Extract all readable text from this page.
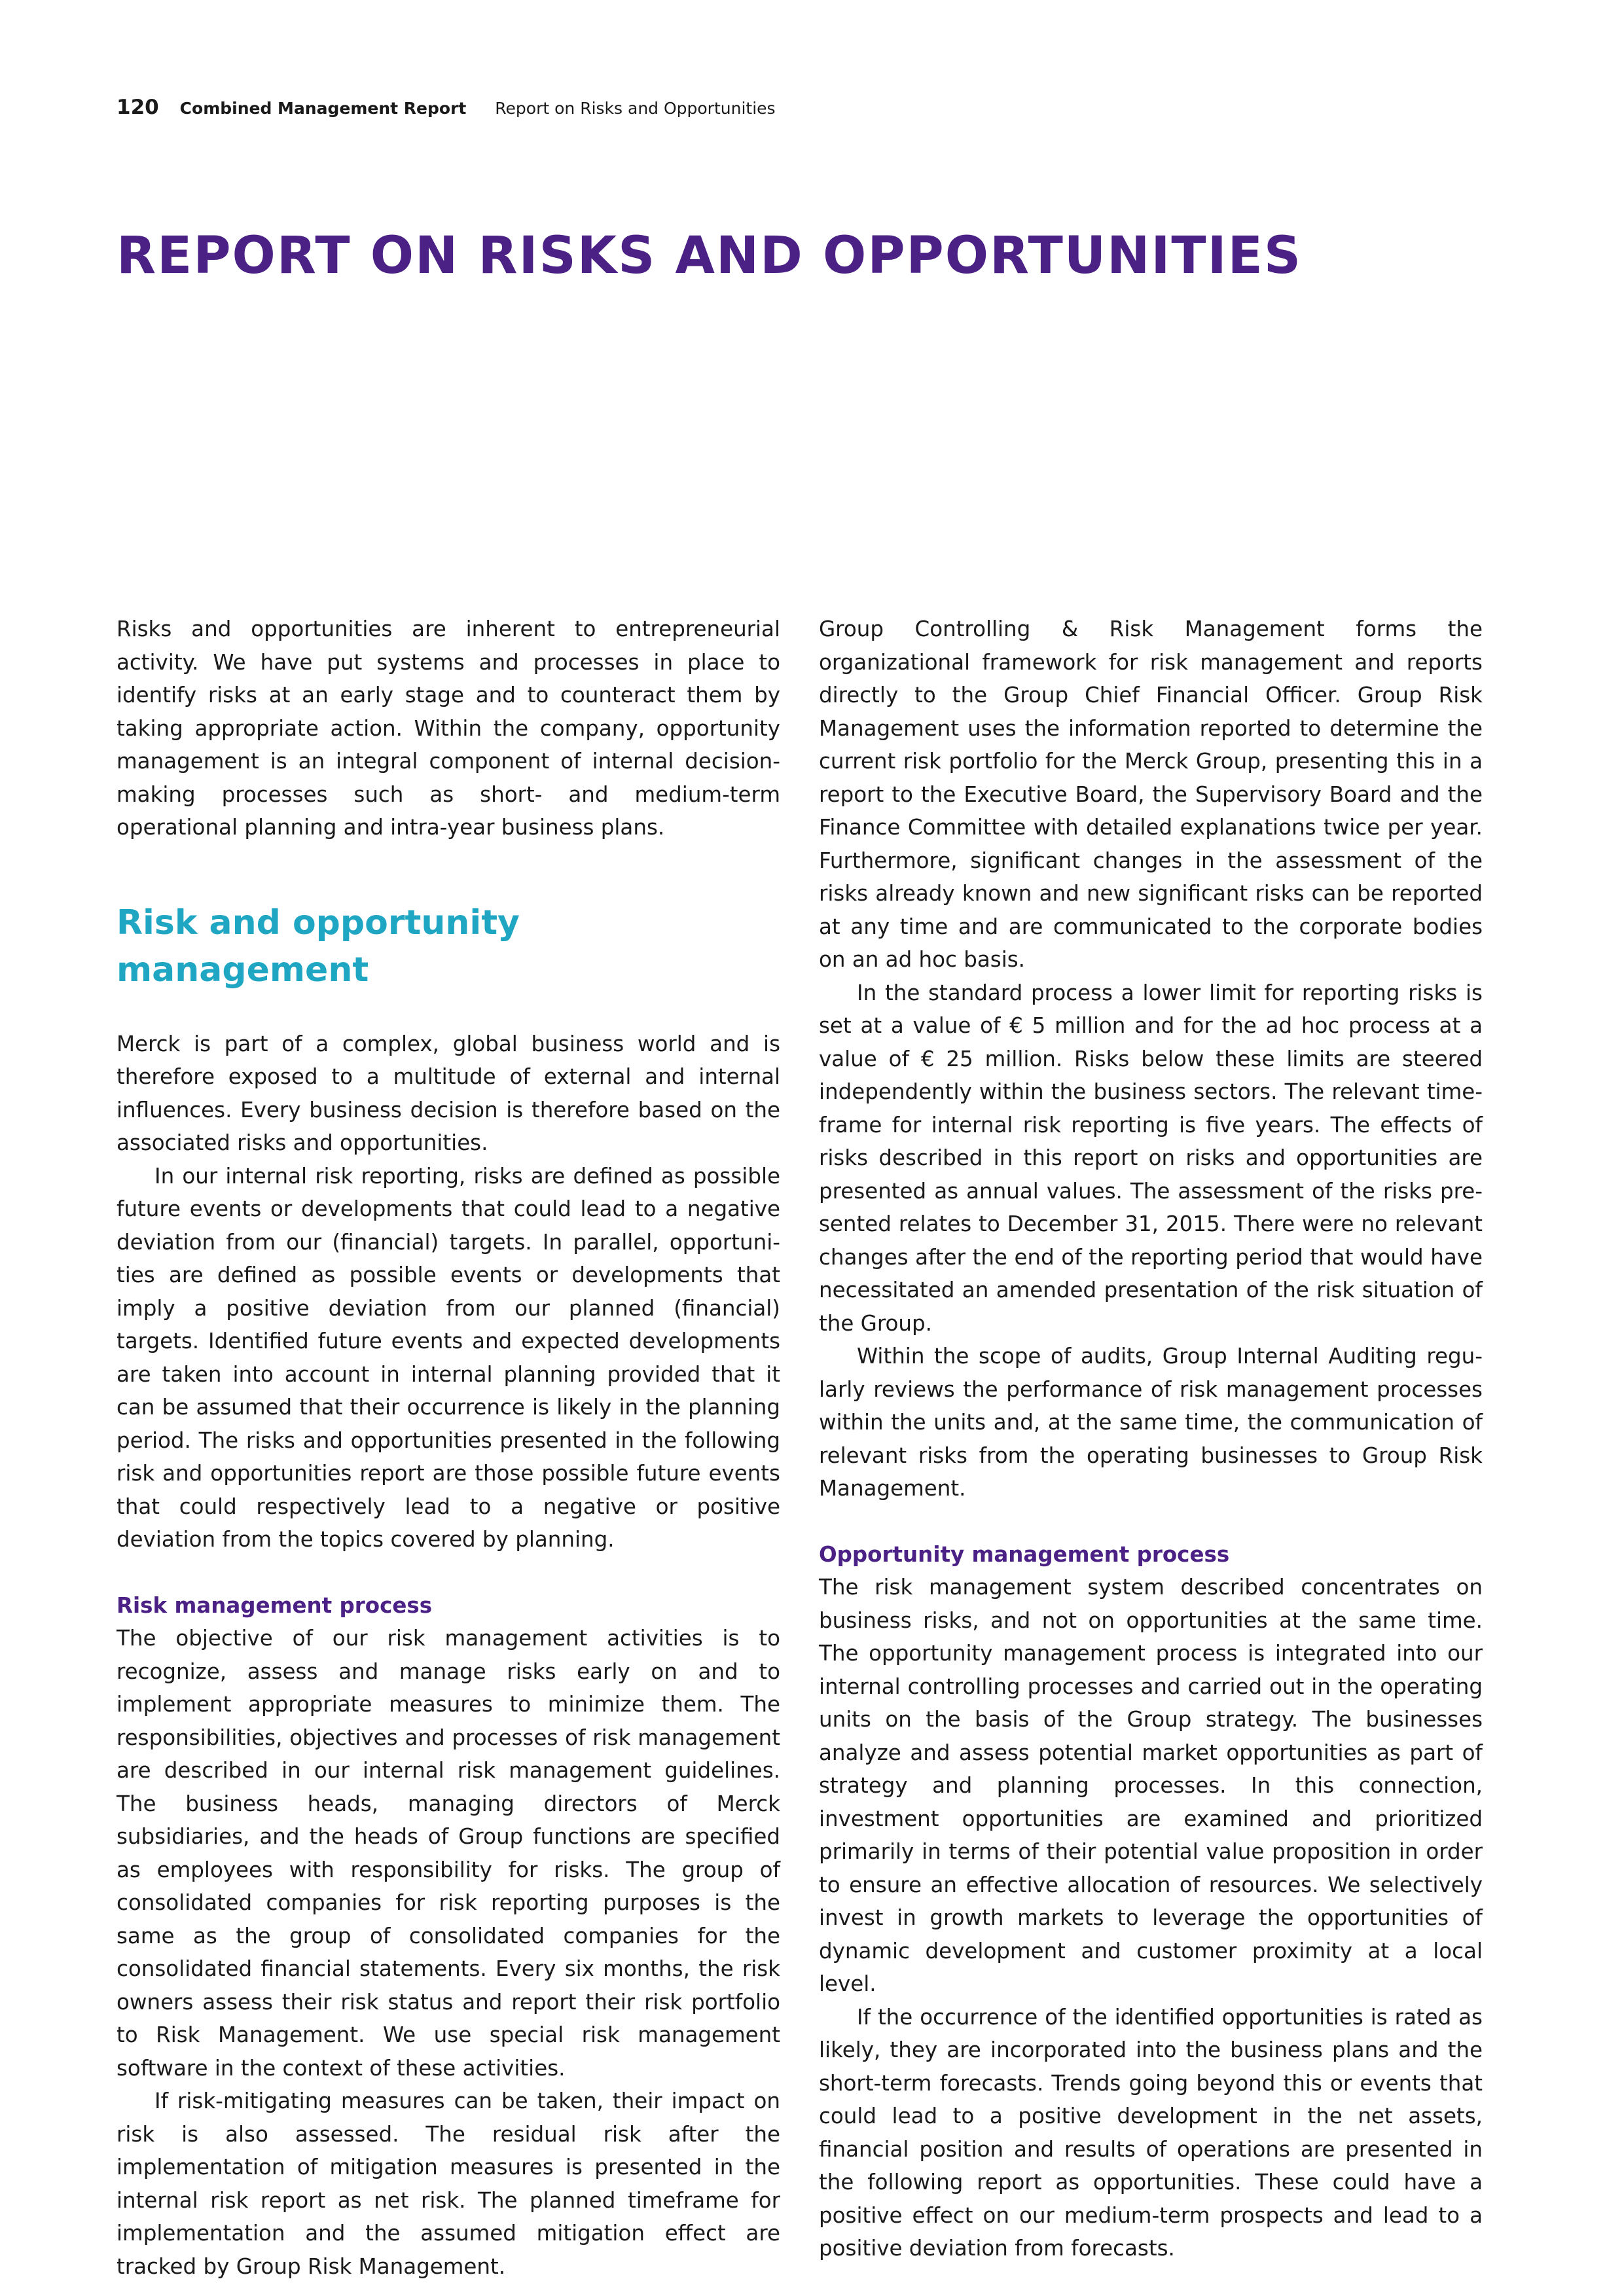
120 Combined Management Report Report on Risks and Opportunities
REPORT ON RISKS AND OPPORTUNITIES

Risks and opportunities are inherent to entrepreneurial activity. We have put systems and processes in place to identify risks at an early stage and to counteract them by taking appropriate action. Within the company, opportunity management is an integral component of internal decision-making processes such as short- and medium-term operational planning and intra-year business plans.

Risk and opportunity management

Merck is part of a complex, global business world and is therefore exposed to a multitude of external and internal influences. Every business decision is therefore based on the associated risks and opportunities.

In our internal risk reporting, risks are defined as possible future events or developments that could lead to a negative deviation from our (financial) targets. In parallel, opportunities are defined as possible events or developments that imply a positive deviation from our planned (financial) targets. Identified future events and expected developments are taken into account in internal planning provided that it can be assumed that their occurrence is likely in the planning period. The risks and opportunities presented in the following risk and opportunities report are those possible future events that could respectively lead to a negative or positive deviation from the topics covered by planning.

Risk management process

The objective of our risk management activities is to recognize, assess and manage risks early on and to implement appropriate measures to minimize them. The responsibilities, objectives and processes of risk management are described in our internal risk management guidelines. The business heads, managing directors of Merck subsidiaries, and the heads of Group functions are specified as employees with responsibility for risks. The group of consolidated companies for risk reporting purposes is the same as the group of consolidated companies for the consolidated financial statements. Every six months, the risk owners assess their risk status and report their risk portfolio to Risk Management. We use special risk management software in the context of these activities.

If risk-mitigating measures can be taken, their impact on risk is also assessed. The residual risk after the implementation of mitigation measures is presented in the internal risk report as net risk. The planned timeframe for implementation and the assumed mitigation effect are tracked by Group Risk Management.

Group Controlling & Risk Management forms the organizational framework for risk management and reports directly to the Group Chief Financial Officer. Group Risk Management uses the information reported to determine the current risk portfolio for the Merck Group, presenting this in a report to the Executive Board, the Supervisory Board and the Finance Committee with detailed explanations twice per year. Furthermore, significant changes in the assessment of the risks already known and new significant risks can be reported at any time and are communicated to the corporate bodies on an ad hoc basis.

In the standard process a lower limit for reporting risks is set at a value of € 5 million and for the ad hoc process at a value of € 25 million. Risks below these limits are steered independently within the business sectors. The relevant timeframe for internal risk reporting is five years. The effects of risks described in this report on risks and opportunities are presented as annual values. The assessment of the risks presented relates to December 31, 2015. There were no relevant changes after the end of the reporting period that would have necessitated an amended presentation of the risk situation of the Group.

Within the scope of audits, Group Internal Auditing regularly reviews the performance of risk management processes within the units and, at the same time, the communication of relevant risks from the operating businesses to Group Risk Management.

Opportunity management process

The risk management system described concentrates on business risks, and not on opportunities at the same time. The opportunity management process is integrated into our internal controlling processes and carried out in the operating units on the basis of the Group strategy. The businesses analyze and assess potential market opportunities as part of strategy and planning processes. In this connection, investment opportunities are examined and prioritized primarily in terms of their potential value proposition in order to ensure an effective allocation of resources. We selectively invest in growth markets to leverage the opportunities of dynamic development and customer proximity at a local level.

If the occurrence of the identified opportunities is rated as likely, they are incorporated into the business plans and the short-term forecasts. Trends going beyond this or events that could lead to a positive development in the net assets, financial position and results of operations are presented in the following report as opportunities. These could have a positive effect on our medium-term prospects and lead to a positive deviation from forecasts.
